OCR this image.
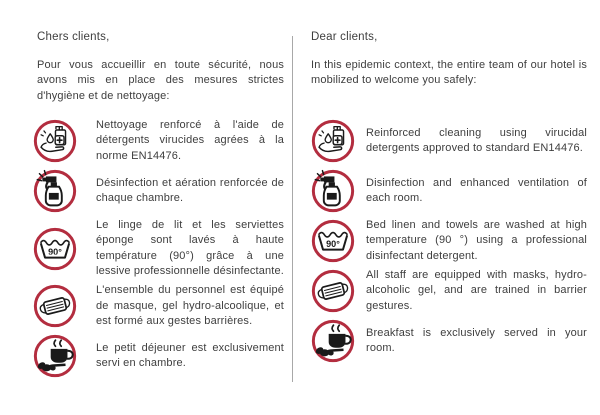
Chers clients,
Pour vous accueillir en toute sécurité, nous avons mis en place des mesures strictes d'hygiène et de nettoyage:
Nettoyage renforcé à l'aide de détergents virucides agrées à la norme EN14476.
Désinfection et aération renforcée de chaque chambre.
90°
Le linge de lit et les serviettes éponge sont lavés à haute température (90°) grâce à une lessive professionnelle désinfectante.
L'ensemble du personnel est équipé de masque, gel hydro-alcoolique, et est formé aux gestes barrières.
Le petit déjeuner est exclusivement servi en chambre.
Dear clients,
In this epidemic context, the entire team of our hotel is mobilized to welcome you safely:
Reinforced cleaning using virucidal detergents approved to standard EN14476.
Disinfection and enhanced ventilation of each room.
90°
Bed linen and towels are washed at high temperature (90 °) using a professional disinfectant detergent.
All staff are equipped with masks, hydro-alcoholic gel, and are trained in barrier gestures.
Breakfast is exclusively served in your room.
